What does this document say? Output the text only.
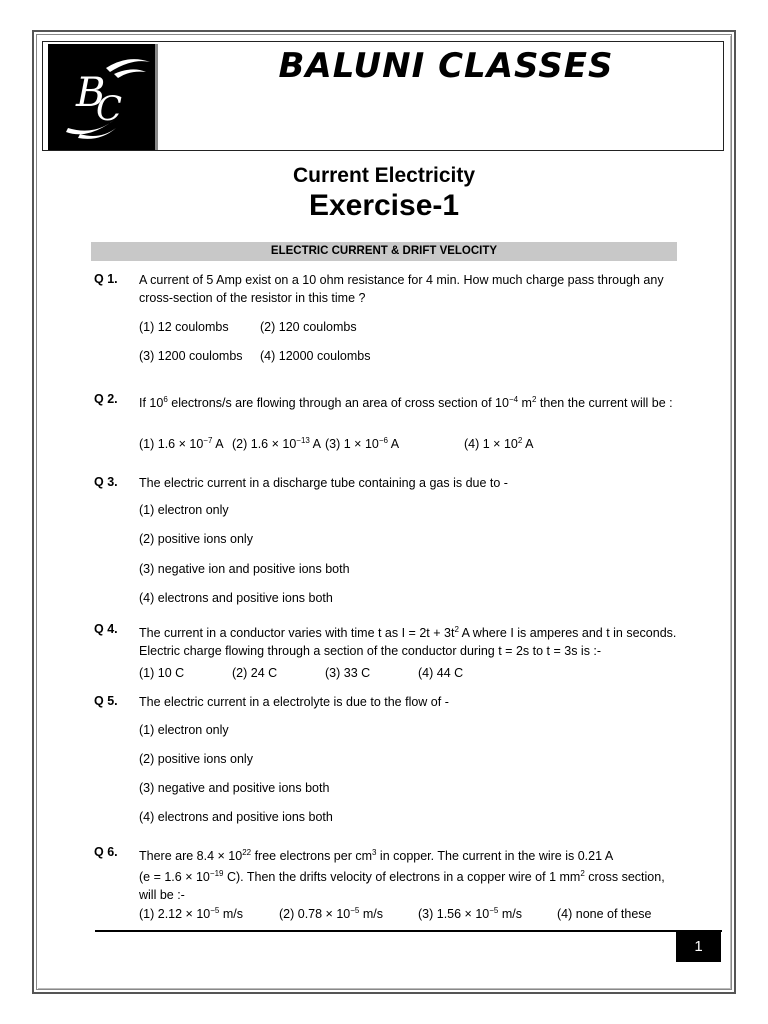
B
C
BALUNI CLASSES
Current Electricity
Exercise-1
ELECTRIC CURRENT & DRIFT VELOCITY
Q 1. A current of 5 Amp exist on a 10 ohm resistance for 4 min. How much charge pass through any cross-section of the resistor in this time ?
(1) 12 coulombs	(2) 120 coulombs
(3) 1200 coulombs (4) 12000 coulombs
Q 2. If $10^6$ electrons/s are flowing through an area of cross section of $10^{-4}$ $m^2$ then the current will be :
(1) $1.6 \times 10^{-7}$ A (2) $1.6 \times 10^{-13}$ A (3) $1 \times 10^{-6}$ A	(4) $1 \times 10^2$ A
Q 3. The electric current in a discharge tube containing a gas is due to -
(1) electron only
(2) positive ions only
(3) negative ion and positive ions both
(4) electrons and positive ions both
Q 4. The current in a conductor varies with time t as $I = 2t + 3t^2$ A where I is amperes and t in seconds. Electric charge flowing through a section of the conductor during t = 2s to t = 3s is :-
(1) 10 C	(2) 24 C	(3) 33 C	(4) 44 C
Q 5. The electric current in a electrolyte is due to the flow of -
(1) electron only
(2) positive ions only
(3) negative and positive ions both
(4) electrons and positive ions both
Q 6. There are $8.4 \times 10^{22}$ free electrons per $cm^3$ in copper. The current in the wire is 0.21 A
($e = 1.6 \times 10^{-19}$ C). Then the drifts velocity of electrons in a copper wire of 1 $mm^2$ cross section, will be :-
(1) $2.12 \times 10^{-5}$ m/s	(2) $0.78 \times 10^{-5}$ m/s	(3) $1.56 \times 10^{-5}$ m/s	(4) none of these
1
